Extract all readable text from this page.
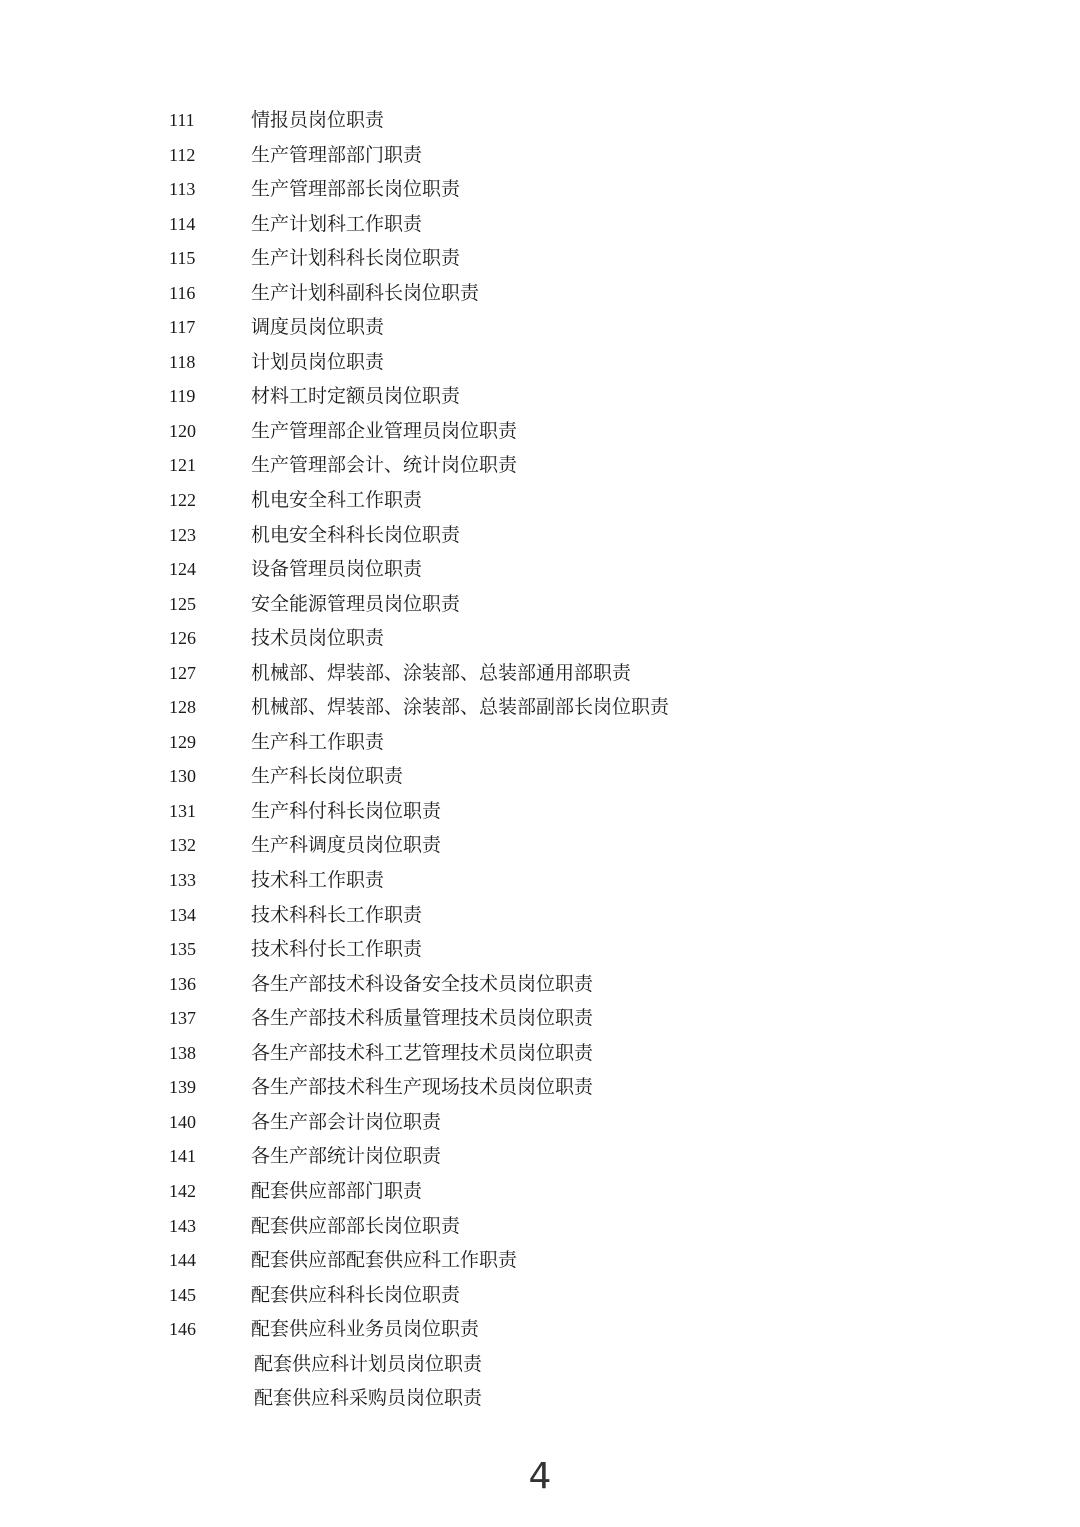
111	情报员岗位职责
112	生产管理部部门职责
113	生产管理部部长岗位职责
114	生产计划科工作职责
115	生产计划科科长岗位职责
116	生产计划科副科长岗位职责
117	调度员岗位职责
118	计划员岗位职责
119	材料工时定额员岗位职责
120	生产管理部企业管理员岗位职责
121	生产管理部会计、统计岗位职责
122	机电安全科工作职责
123	机电安全科科长岗位职责
124	设备管理员岗位职责
125	安全能源管理员岗位职责
126	技术员岗位职责
127	机械部、焊装部、涂装部、总装部通用部职责
128	机械部、焊装部、涂装部、总装部副部长岗位职责
129	生产科工作职责
130	生产科长岗位职责
131	生产科付科长岗位职责
132	生产科调度员岗位职责
133	技术科工作职责
134	技术科科长工作职责
135	技术科付长工作职责
136	各生产部技术科设备安全技术员岗位职责
137	各生产部技术科质量管理技术员岗位职责
138	各生产部技术科工艺管理技术员岗位职责
139	各生产部技术科生产现场技术员岗位职责
140	各生产部会计岗位职责
141	各生产部统计岗位职责
142	配套供应部部门职责
143	配套供应部部长岗位职责
144	配套供应部配套供应科工作职责
145	配套供应科科长岗位职责
146	配套供应科业务员岗位职责
配套供应科计划员岗位职责
配套供应科采购员岗位职责
4
